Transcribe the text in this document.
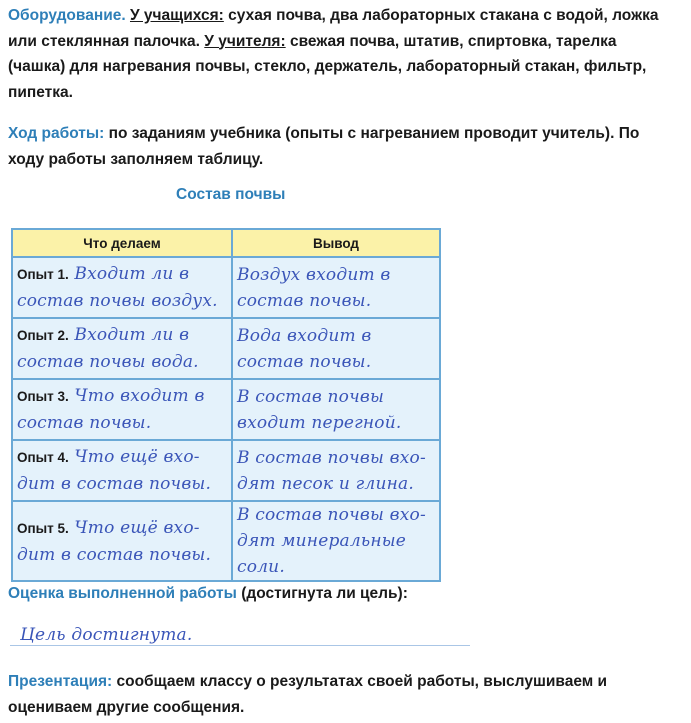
Оборудование. У учащихся: сухая почва, два лабораторных стакана с водой, ложка или стеклянная палочка. У учителя: свежая почва, штатив, спиртовка, тарелка (чашка) для нагревания почвы, стекло, держатель, лабораторный стакан, фильтр, пипетка.
Ход работы: по заданиям учебника (опыты с нагреванием проводит учитель). По ходу работы заполняем таблицу.
Состав почвы
Что делаем	Вывод

Опыт 1. Входит ли в состав почвы воздух.	Воздух входит в состав почвы.

Опыт 2. Входит ли в состав почвы вода.	Вода входит в состав почвы.

Опыт 3. Что входит в состав почвы.	В состав почвы входит перегной.

Опыт 4. Что ещё вхо-дит в состав почвы.	В состав почвы вхо-дят песок и глина.

Опыт 5. Что ещё вхо-дит в состав почвы.	В состав почвы вхо-дят минеральные соли.
Оценка выполненной работы (достигнута ли цель):
Цель достигнута.
Презентация: сообщаем классу о результатах своей работы, выслушиваем и оцениваем другие сообщения.
